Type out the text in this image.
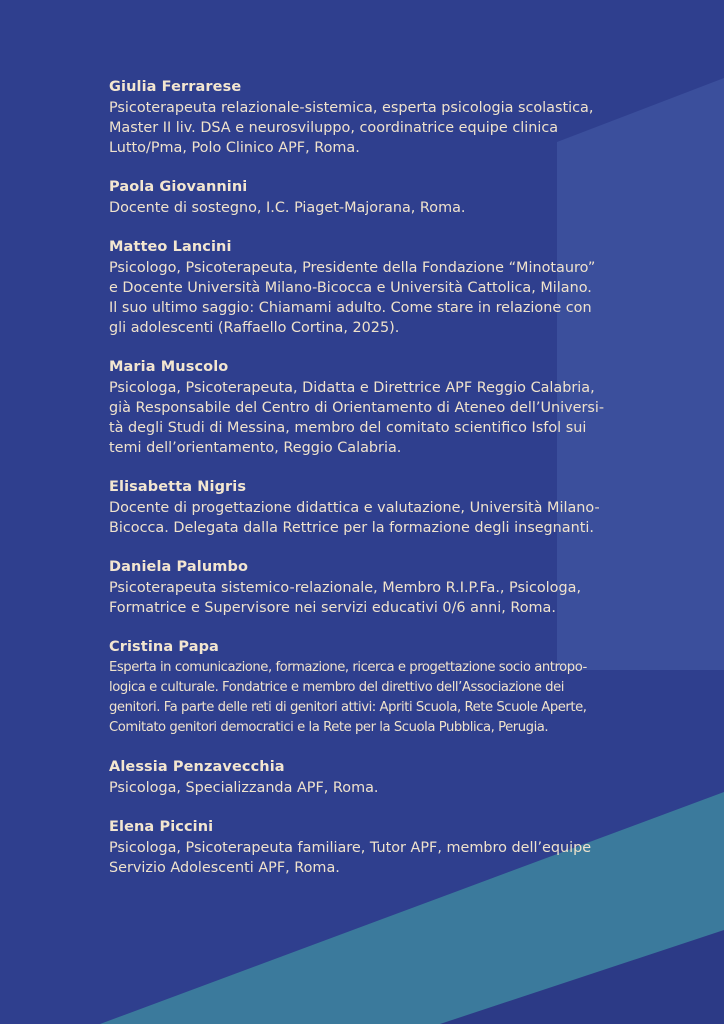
Giulia Ferrarese
Psicoterapeuta relazionale-sistemica, esperta psicologia scolastica,
Master II liv. DSA e neurosviluppo, coordinatrice equipe clinica
Lutto/Pma, Polo Clinico APF, Roma.
Paola Giovannini
Docente di sostegno, I.C. Piaget-Majorana, Roma.
Matteo Lancini
Psicologo, Psicoterapeuta, Presidente della Fondazione “Minotauro”
e Docente Università Milano-Bicocca e Università Cattolica, Milano.
Il suo ultimo saggio: Chiamami adulto. Come stare in relazione con
gli adolescenti (Raffaello Cortina, 2025).
Maria Muscolo
Psicologa, Psicoterapeuta, Didatta e Direttrice APF Reggio Calabria,
già Responsabile del Centro di Orientamento di Ateneo dell’Universi-
tà degli Studi di Messina, membro del comitato scientifico Isfol sui
temi dell’orientamento, Reggio Calabria.
Elisabetta Nigris
Docente di progettazione didattica e valutazione, Università Milano-
Bicocca. Delegata dalla Rettrice per la formazione degli insegnanti.
Daniela Palumbo
Psicoterapeuta sistemico-relazionale, Membro R.I.P.Fa., Psicologa,
Formatrice e Supervisore nei servizi educativi 0/6 anni, Roma.
Cristina Papa
Esperta in comunicazione, formazione, ricerca e progettazione socio antropo-
logica e culturale. Fondatrice e membro del direttivo dell’Associazione dei
genitori. Fa parte delle reti di genitori attivi: Apriti Scuola, Rete Scuole Aperte,
Comitato genitori democratici e la Rete per la Scuola Pubblica, Perugia.
Alessia Penzavecchia
Psicologa, Specializzanda APF, Roma.
Elena Piccini
Psicologa, Psicoterapeuta familiare, Tutor APF, membro dell’equipe
Servizio Adolescenti APF, Roma.
